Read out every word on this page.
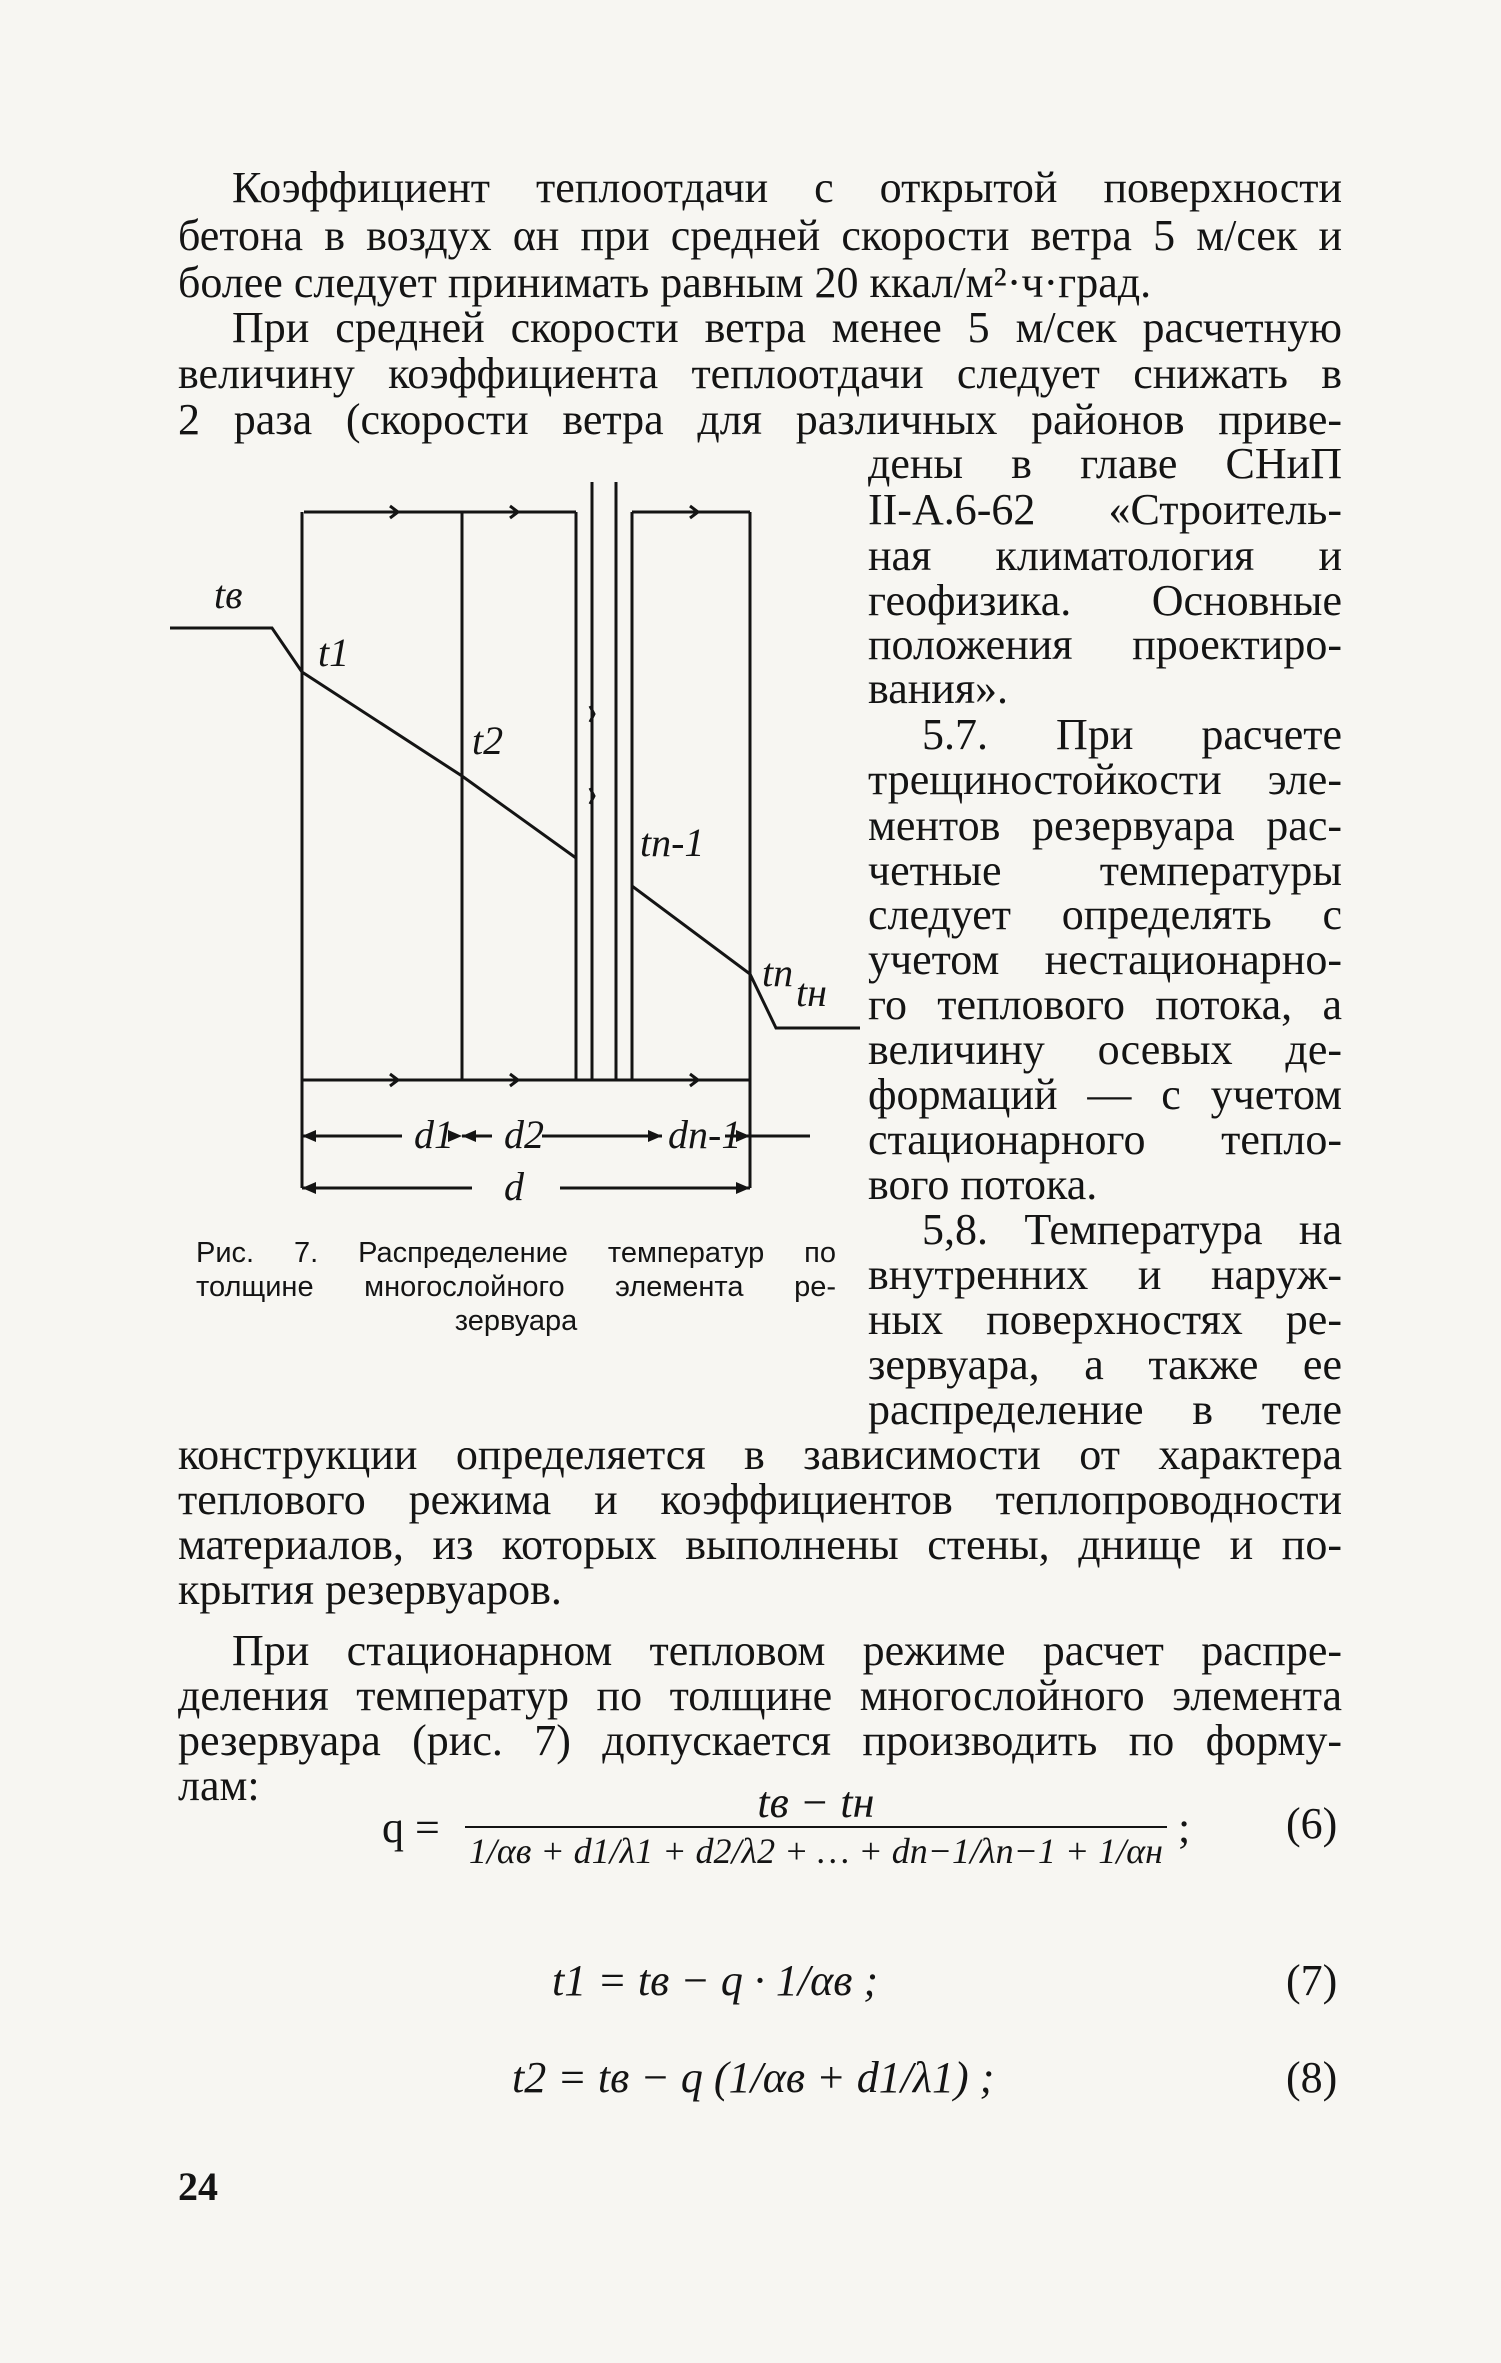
Коэффициент теплоотдачи с открытой поверхности
бетона в воздух αн при средней скорости ветра 5 м/сек и
более следует принимать равным 20 ккал/м²·ч·град.
При средней скорости ветра менее 5 м/сек расчетную
величину коэффициента теплоотдачи следует снижать в
2 раза (скорости ветра для различных районов приве-
дены в главе СНиП
II-А.6-62 «Строитель-
ная климатология и
геофизика. Основные
положения проектиро-
вания».
5.7. При расчете
трещиностойкости эле-
ментов резервуара рас-
четные температуры
следует определять с
учетом нестационарно-
го теплового потока, а
величину осевых де-
формаций — с учетом
стационарного тепло-
вого потока.
5,8. Температура на
внутренних и наруж-
ных поверхностях ре-
зервуара, а также ее
распределение в теле
tв
t1
t2
tn-1
tn tн
d1 d2	dn-1
d
Рис. 7. Распределение температур по
толщине многослойного элемента ре-
зервуара
конструкции определяется в зависимости от характера
теплового режима и коэффициентов теплопроводности
материалов, из которых выполнены стены, днище и по-
крытия резервуаров.
При стационарном тепловом режиме расчет распре-
деления температур по толщине многослойного элемента
резервуара (рис. 7) допускается производить по форму-
лам:
$q = \frac{tв - tн}{1/\alpha в + d1/\lambda 1 + d2/\lambda 2 + \dots + dn-1/\lambda n-1 + 1/\alpha н}$ ; (6)
t1 = tв − q · 1/αв ;	(7)
t2 = tв − q (1/αв + d1/λ1) ;	(8)
24
